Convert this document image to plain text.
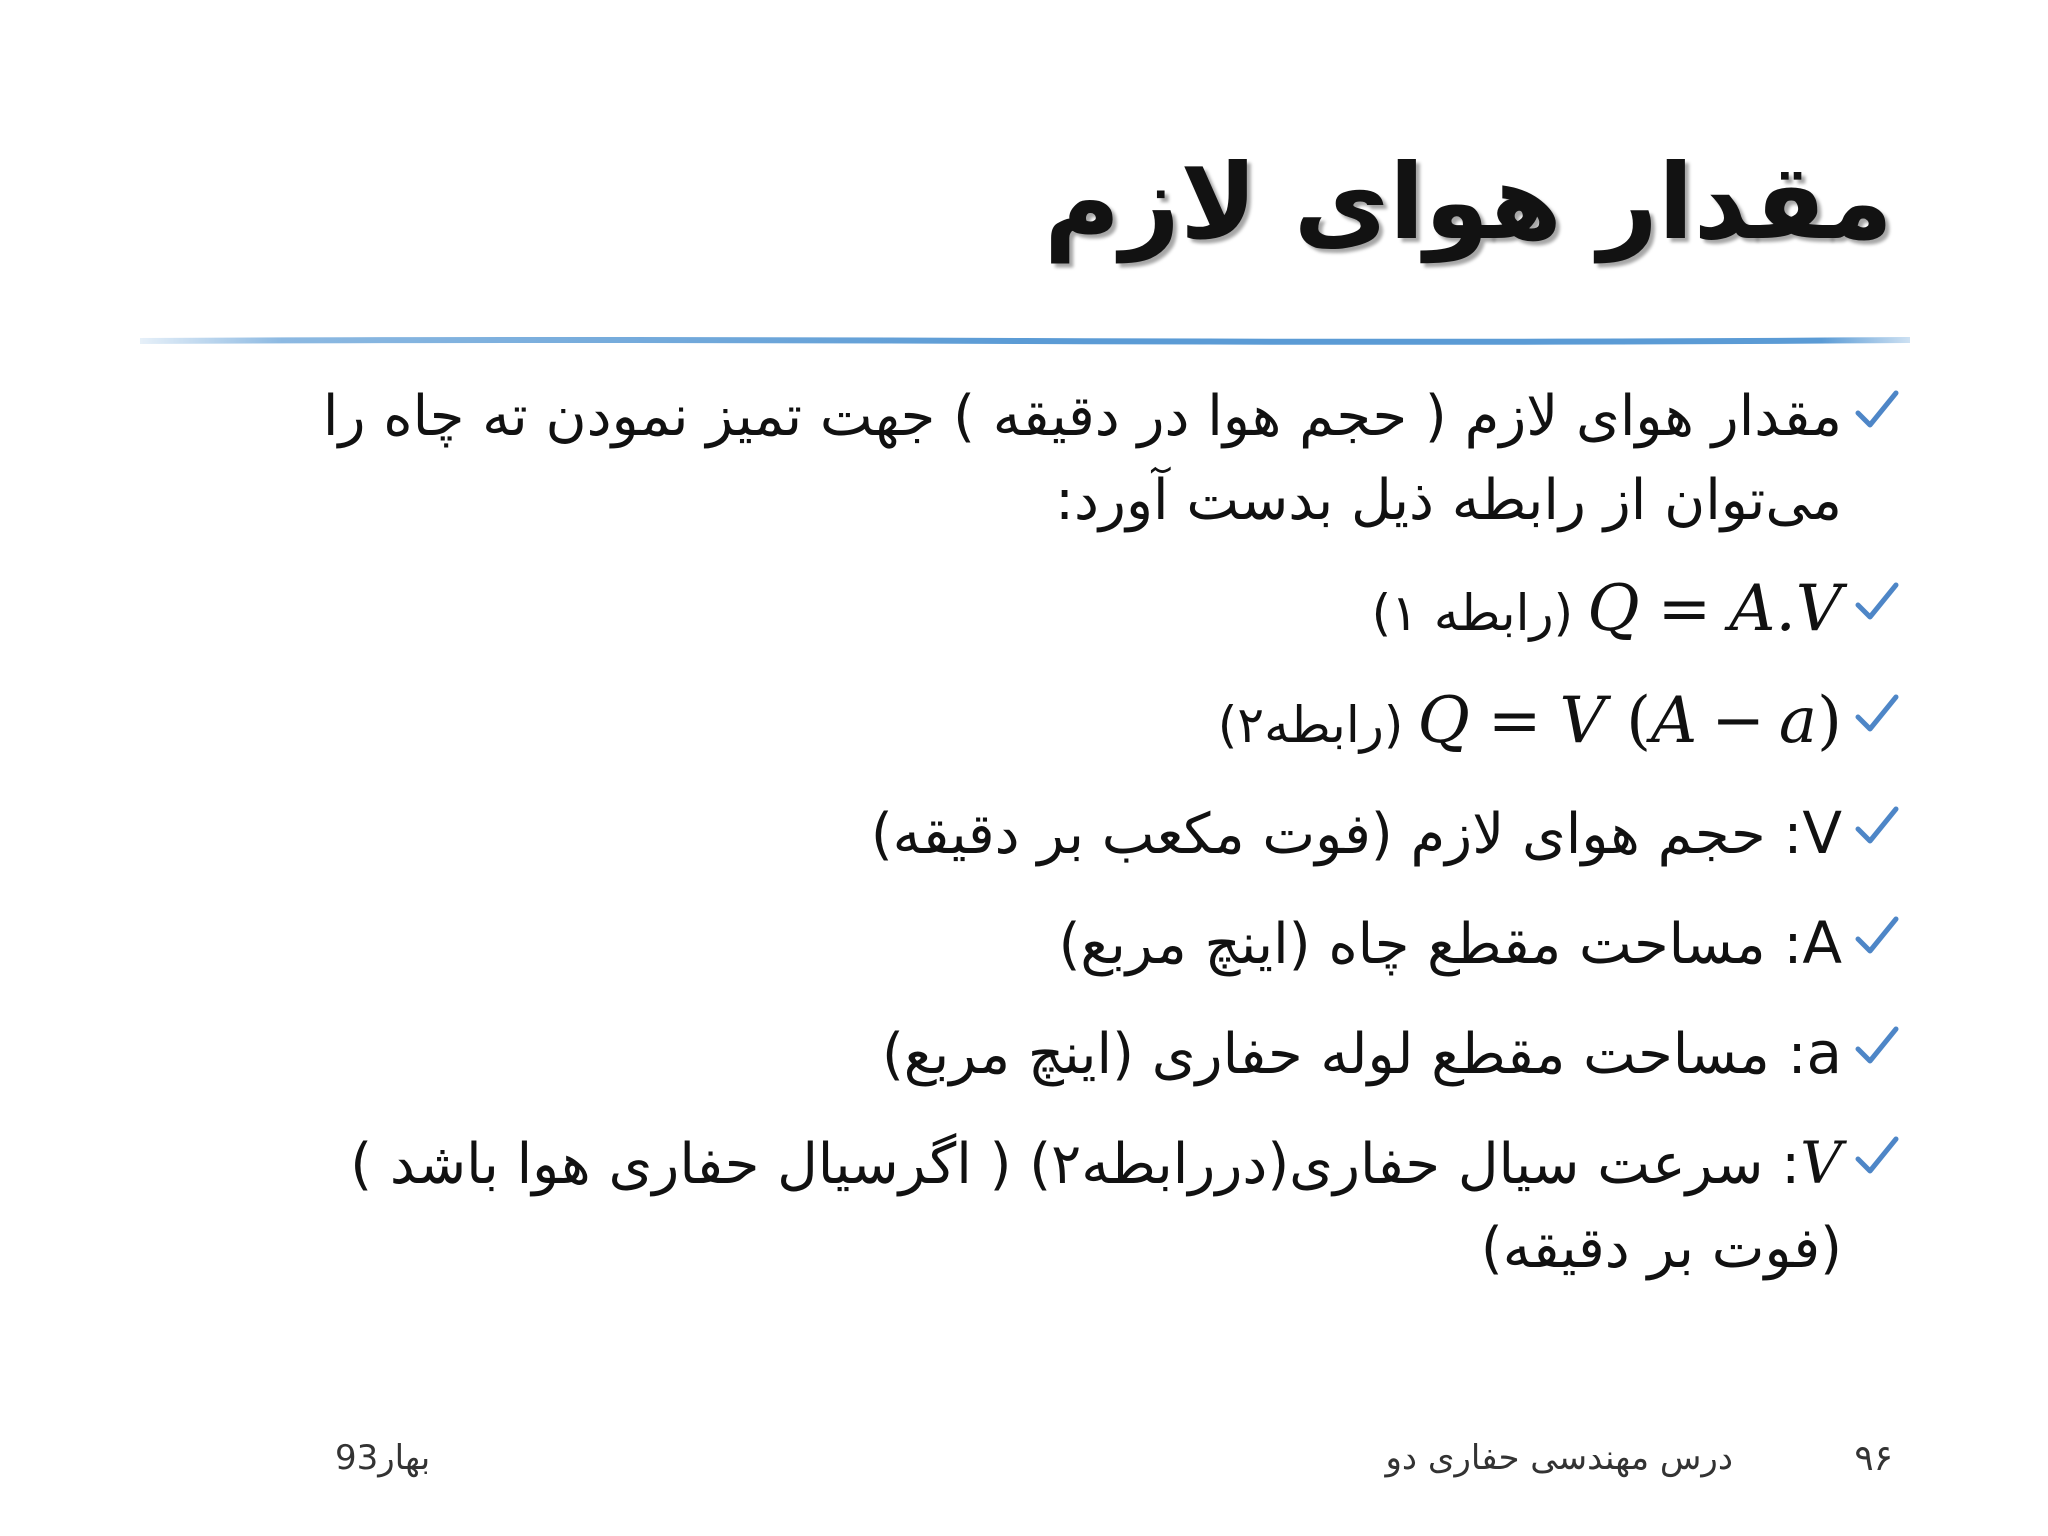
مقدار هوای لازم
مقدار هوای لازم ( حجم هوا در دقیقه ) جهت تمیز نمودن ته چاه را می‌توان از رابطه ذیل بدست آورد:
Q = A.V
(رابطه ۱)
Q = V (A − a)
(رابطه۲)
V: حجم هوای لازم (فوت مکعب بر دقیقه)
A: مساحت مقطع چاه (اینچ مربع)
a: مساحت مقطع لوله حفاری (اینچ مربع)
V: سرعت سیال حفاری(دررابطه۲) ( اگرسیال حفاری هوا باشد ) (فوت بر دقیقه)
۹۶
درس مهندسی حفاری دو
بهار93
